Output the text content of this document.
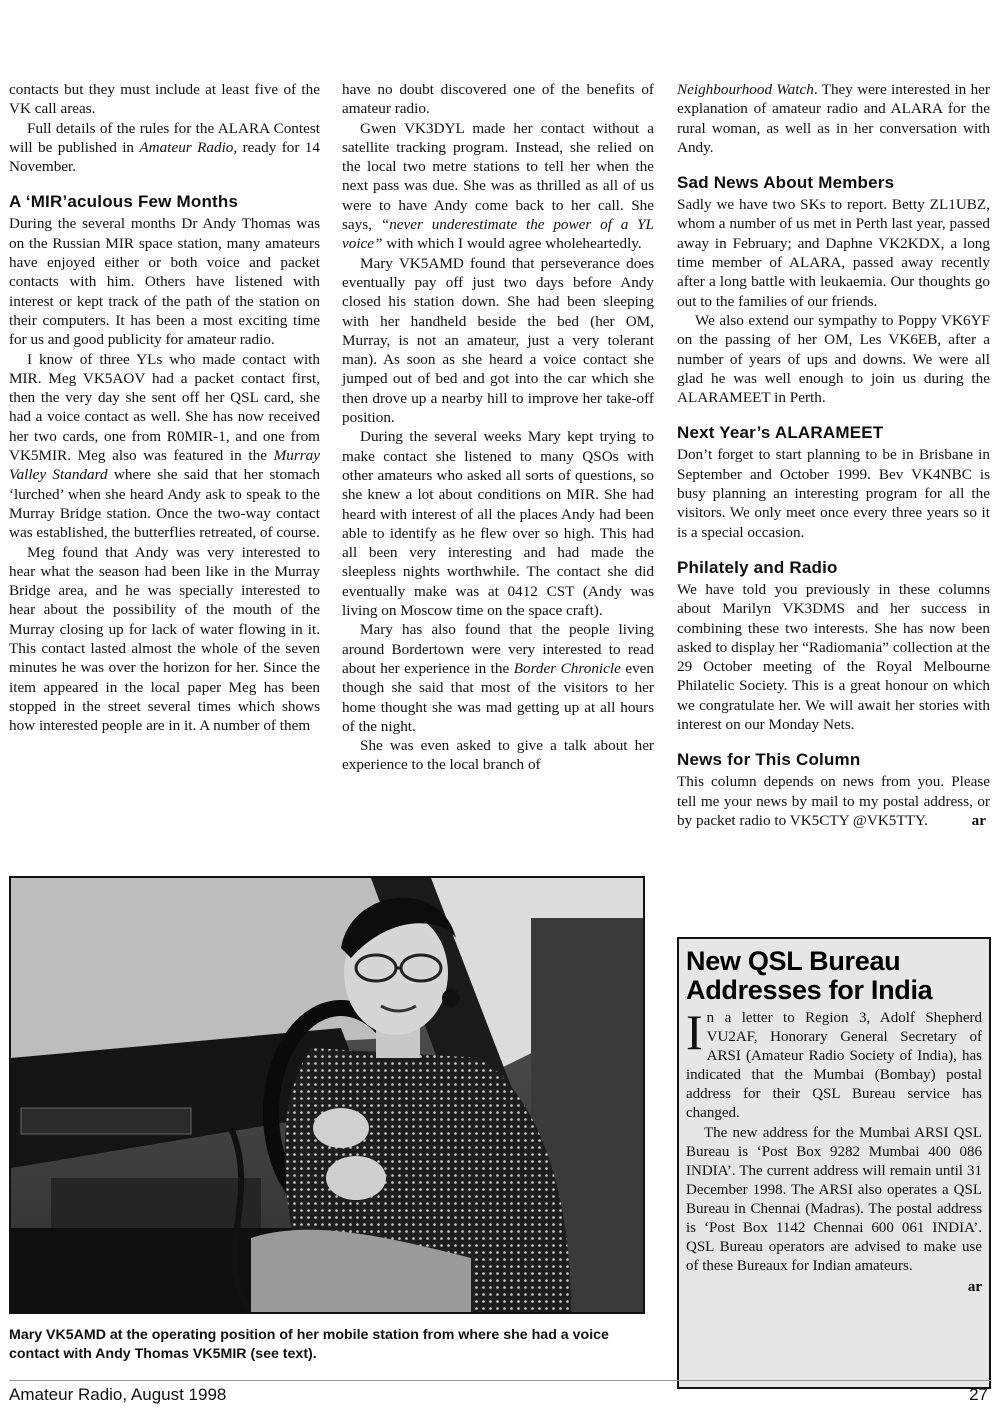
contacts but they must include at least five of the VK call areas.

Full details of the rules for the ALARA Contest will be published in Amateur Radio, ready for 14 November.

A ‘MIR’aculous Few Months

During the several months Dr Andy Thomas was on the Russian MIR space station, many amateurs have enjoyed either or both voice and packet contacts with him. Others have listened with interest or kept track of the path of the station on their computers. It has been a most exciting time for us and good publicity for amateur radio.

I know of three YLs who made contact with MIR. Meg VK5AOV had a packet contact first, then the very day she sent off her QSL card, she had a voice contact as well. She has now received her two cards, one from R0MIR-1, and one from VK5MIR. Meg also was featured in the Murray Valley Standard where she said that her stomach ‘lurched’ when she heard Andy ask to speak to the Murray Bridge station. Once the two-way contact was established, the butterflies retreated, of course.

Meg found that Andy was very interested to hear what the season had been like in the Murray Bridge area, and he was specially interested to hear about the possibility of the mouth of the Murray closing up for lack of water flowing in it. This contact lasted almost the whole of the seven minutes he was over the horizon for her. Since the item appeared in the local paper Meg has been stopped in the street several times which shows how interested people are in it. A number of them

have no doubt discovered one of the benefits of amateur radio.

Gwen VK3DYL made her contact without a satellite tracking program. Instead, she relied on the local two metre stations to tell her when the next pass was due. She was as thrilled as all of us were to have Andy come back to her call. She says, “never underestimate the power of a YL voice” with which I would agree wholeheartedly.

Mary VK5AMD found that perseverance does eventually pay off just two days before Andy closed his station down. She had been sleeping with her handheld beside the bed (her OM, Murray, is not an amateur, just a very tolerant man). As soon as she heard a voice contact she jumped out of bed and got into the car which she then drove up a nearby hill to improve her take-off position.

During the several weeks Mary kept trying to make contact she listened to many QSOs with other amateurs who asked all sorts of questions, so she knew a lot about conditions on MIR. She had heard with interest of all the places Andy had been able to identify as he flew over so high. This had all been very interesting and had made the sleepless nights worthwhile. The contact she did eventually make was at 0412 CST (Andy was living on Moscow time on the space craft).

Mary has also found that the people living around Bordertown were very interested to read about her experience in the Border Chronicle even though she said that most of the visitors to her home thought she was mad getting up at all hours of the night.

She was even asked to give a talk about her experience to the local branch of

Neighbourhood Watch. They were interested in her explanation of amateur radio and ALARA for the rural woman, as well as in her conversation with Andy.

Sad News About Members

Sadly we have two SKs to report. Betty ZL1UBZ, whom a number of us met in Perth last year, passed away in February; and Daphne VK2KDX, a long time member of ALARA, passed away recently after a long battle with leukaemia. Our thoughts go out to the families of our friends.

We also extend our sympathy to Poppy VK6YF on the passing of her OM, Les VK6EB, after a number of years of ups and downs. We were all glad he was well enough to join us during the ALARAMEET in Perth.

Next Year’s ALARAMEET

Don’t forget to start planning to be in Brisbane in September and October 1999. Bev VK4NBC is busy planning an interesting program for all the visitors. We only meet once every three years so it is a special occasion.

Philately and Radio

We have told you previously in these columns about Marilyn VK3DMS and her success in combining these two interests. She has now been asked to display her “Radiomania” collection at the 29 October meeting of the Royal Melbourne Philatelic Society. This is a great honour on which we congratulate her. We will await her stories with interest on our Monday Nets.

News for This Column

This column depends on news from you. Please tell me your news by mail to my postal address, or by packet radio to VK5CTY @VK5TTY.	ar

Mary VK5AMD at the operating position of her mobile station from where she had a voice contact with Andy Thomas VK5MIR (see text).
New QSL Bureau Addresses for India

In a letter to Region 3, Adolf Shepherd VU2AF, Honorary General Secretary of ARSI (Amateur Radio Society of India), has indicated that the Mumbai (Bombay) postal address for their QSL Bureau service has changed.

The new address for the Mumbai ARSI QSL Bureau is ‘Post Box 9282 Mumbai 400 086 INDIA’. The current address will remain until 31 December 1998. The ARSI also operates a QSL Bureau in Chennai (Madras). The postal address is ‘Post Box 1142 Chennai 600 061 INDIA’. QSL Bureau operators are advised to make use of these Bureaux for Indian amateurs.

ar
Amateur Radio, August 1998	27
